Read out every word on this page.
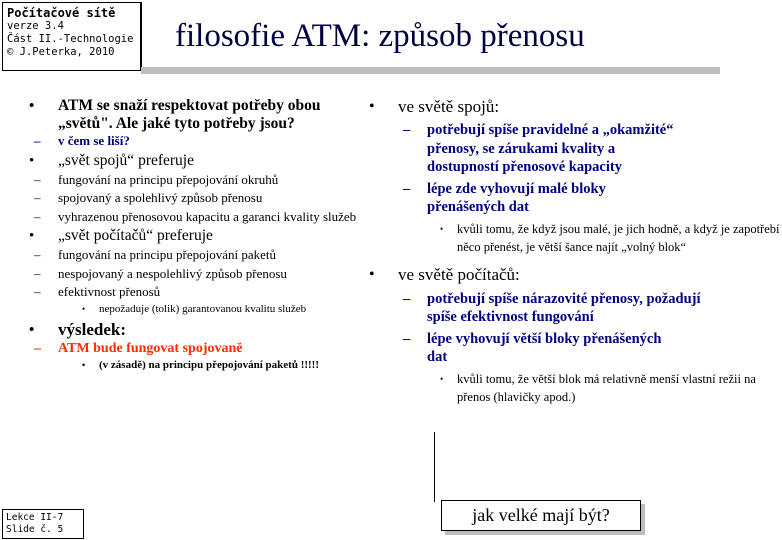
Počítačové sítě
verze 3.4
Část II.-Technologie
© J.Peterka, 2010	filosofie ATM: způsob přenosu
• ATM se snaží respektovat potřeby obou „světů". Ale jaké tyto potřeby jsou?
– v čem se liší?
• „svět spojů“ preferuje
– fungování na principu přepojování okruhů
– spojovaný a spolehlivý způsob přenosu
– vyhrazenou přenosovou kapacitu a garanci kvality služeb
• „svět počítačů“ preferuje
– fungování na principu přepojování paketů
– nespojovaný a nespolehlivý způsob přenosu
– efektivnost přenosů
• nepožaduje (tolik) garantovanou kvalitu služeb
• výsledek:
– ATM bude fungovat spojovaně
• (v zásadě) na principu přepojování paketů !!!!!
• ve světě spojů:
– potřebují spíše pravidelné a „okamžité“ přenosy, se zárukami kvality a dostupností přenosové kapacity
– lépe zde vyhovují malé bloky přenášených dat
• kvůli tomu, že když jsou malé, je jich hodně, a když je zapotřebí něco přenést, je větší šance najít „volný blok“
• ve světě počítačů:
– potřebují spíše nárazovité přenosy, požadují spíše efektivnost fungování
– lépe vyhovují větší bloky přenášených dat
• kvůli tomu, že větší blok má relativně menší vlastní režii na přenos (hlavičky apod.)
jak velké mají být?
Lekce II-7
Slide č. 5
